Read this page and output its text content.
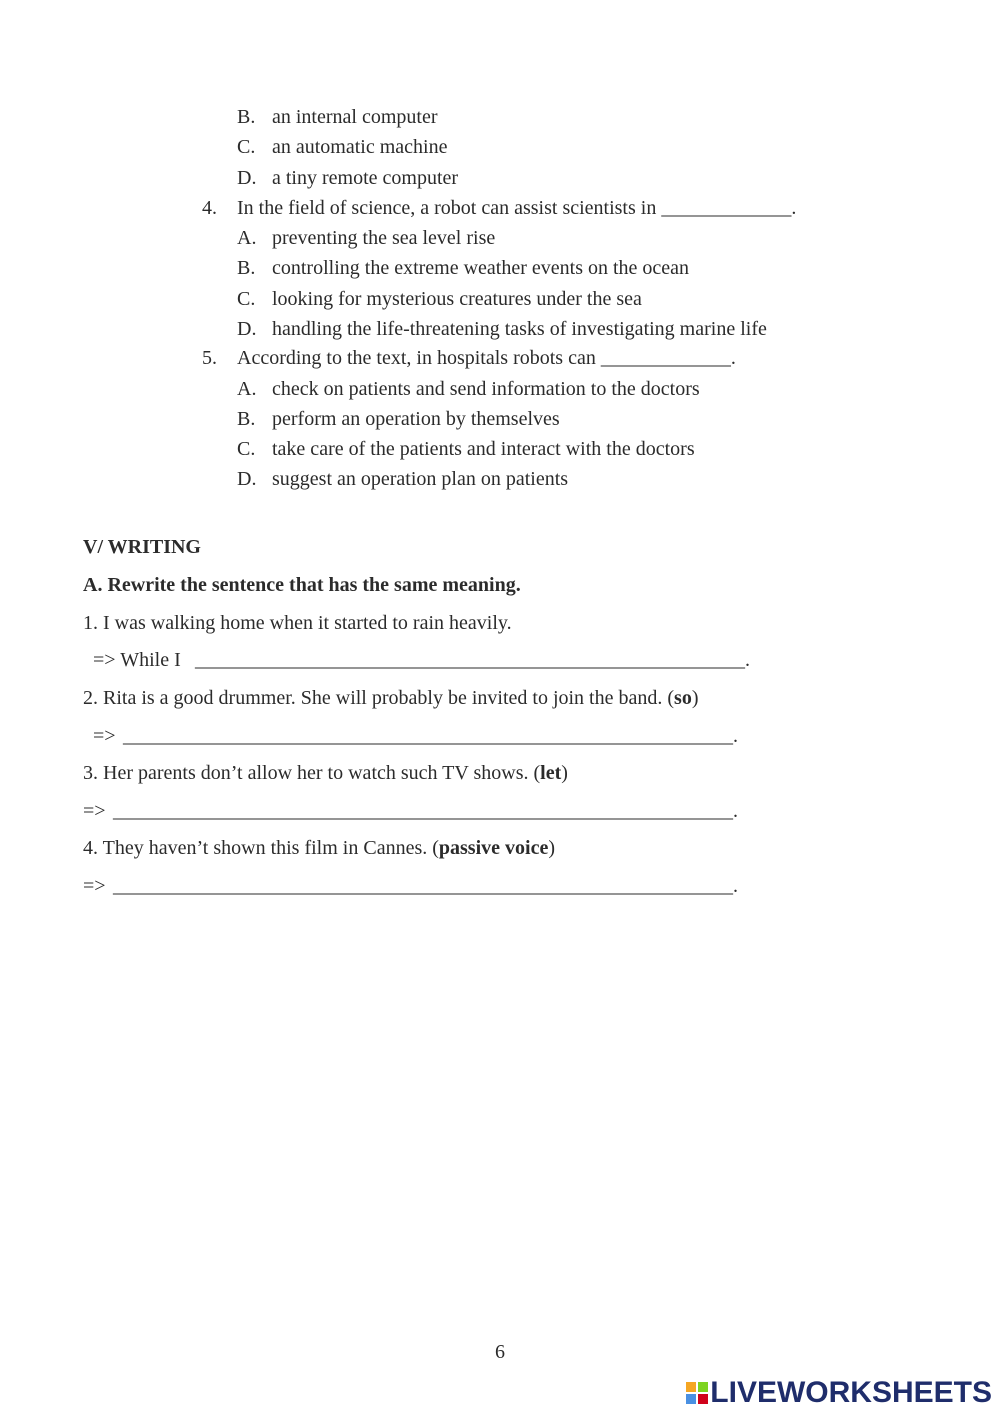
B. an internal computer
C. an automatic machine
D. a tiny remote computer
4. In the field of science, a robot can assist scientists in _____________.
A. preventing the sea level rise
B. controlling the extreme weather events on the ocean
C. looking for mysterious creatures under the sea
D. handling the life-threatening tasks of investigating marine life
5. According to the text, in hospitals robots can _____________.
A. check on patients and send information to the doctors
B. perform an operation by themselves
C. take care of the patients and interact with the doctors
D. suggest an operation plan on patients
V/ WRITING
A. Rewrite the sentence that has the same meaning.
1. I was walking home when it started to rain heavily.
=> While I _______________________________________________________.
2. Rita is a good drummer. She will probably be invited to join the band. (so)
=> _____________________________________________________________.
3. Her parents don’t allow her to watch such TV shows. (let)
=> ______________________________________________________________.
4. They haven’t shown this film in Cannes. (passive voice)
=> ______________________________________________________________.
6
LIVEWORKSHEETS
